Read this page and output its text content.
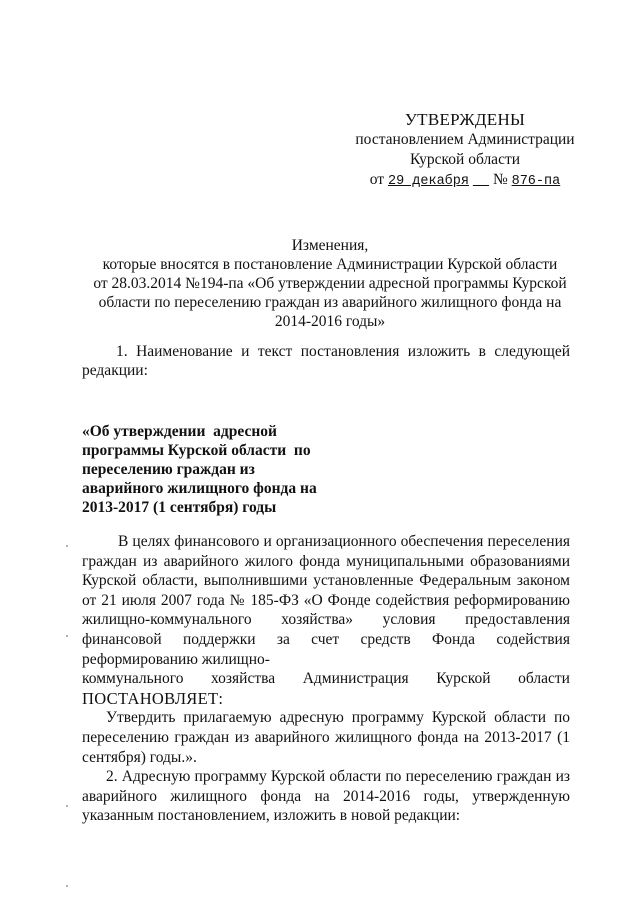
УТВЕРЖДЕНЫ
постановлением Администрации
Курской области
от 29 декабря № 876-па
Изменения,
которые вносятся в постановление Администрации Курской области
от 28.03.2014 №194-па «Об утверждении адресной программы Курской
области по переселению граждан из аварийного жилищного фонда на
2014-2016 годы»
1. Наименование и текст постановления изложить в следующей редакции:
«Об утверждении  адресной
программы Курской области  по
переселению граждан из
аварийного жилищного фонда на
2013-2017 (1 сентября) годы

В целях финансового и организационного обеспечения переселения граждан из аварийного жилого фонда муниципальными образованиями Курской области, выполнившими установленные Федеральным законом от 21 июля 2007 года № 185-ФЗ «О Фонде содействия реформированию жилищно-коммунального хозяйства» условия предоставления финансовой поддержки за счет средств Фонда содействия реформированию жилищно-

коммунального хозяйства Администрация Курской области

ПОСТАНОВЛЯЕТ:

Утвердить прилагаемую адресную программу Курской области по переселению граждан из аварийного жилищного фонда на 2013-2017 (1 сентября) годы.».

2. Адресную программу Курской области по переселению граждан из аварийного жилищного фонда на 2014-2016 годы, утвержденную указанным постановлением, изложить в новой редакции:
